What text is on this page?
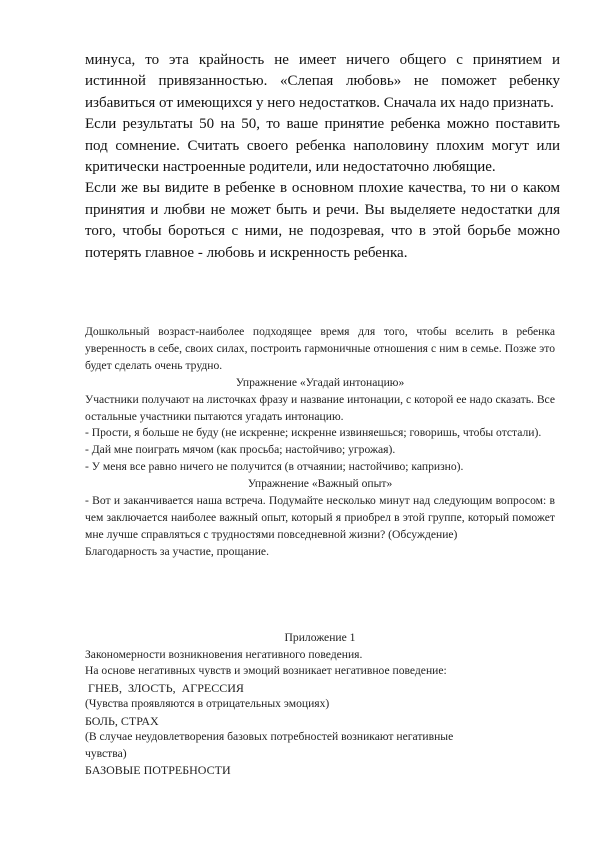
минуса, то эта крайность не имеет ничего общего с принятием и истинной привязанностью. «Слепая любовь» не поможет ребенку избавиться от имеющихся у него недостатков. Сначала их надо признать.

Если результаты 50 на 50, то ваше принятие ребенка можно поставить под сомнение. Считать своего ребенка наполовину плохим могут или критически настроенные родители, или недостаточно любящие.

Если же вы видите в ребенке в основном плохие качества, то ни о каком принятия и любви не может быть и речи. Вы выделяете недостатки для того, чтобы бороться с ними, не подозревая, что в этой борьбе можно потерять главное - любовь и искренность ребенка.

Дошкольный возраст-наиболее подходящее время для того, чтобы вселить в ребенка уверенность в себе, своих силах, построить гармоничные отношения с ним в семье. Позже это будет сделать очень трудно.

Упражнение «Угадай интонацию»

Участники получают на листочках фразу и название интонации, с которой ее надо сказать. Все остальные участники пытаются угадать интонацию.

- Прости, я больше не буду (не искренне; искренне извиняешься; говоришь, чтобы отстали).

- Дай мне поиграть мячом (как просьба; настойчиво; угрожая).

- У меня все равно ничего не получится (в отчаянии; настойчиво; капризно).

Упражнение «Важный опыт»

- Вот и заканчивается наша встреча. Подумайте несколько минут над следующим вопросом: в чем заключается наиболее важный опыт, который я приобрел в этой группе, который поможет мне лучше справляться с трудностями повседневной жизни? (Обсуждение)

Благодарность за участие, прощание.

Приложение 1

Закономерности возникновения негативного поведения.

На основе негативных чувств и эмоций возникает негативное поведение:

ГНЕВ,  ЗЛОСТЬ,  АГРЕССИЯ

(Чувства проявляются в отрицательных эмоциях)

БОЛЬ, СТРАХ

(В случае неудовлетворения базовых потребностей возникают негативные чувства)

БАЗОВЫЕ ПОТРЕБНОСТИ
